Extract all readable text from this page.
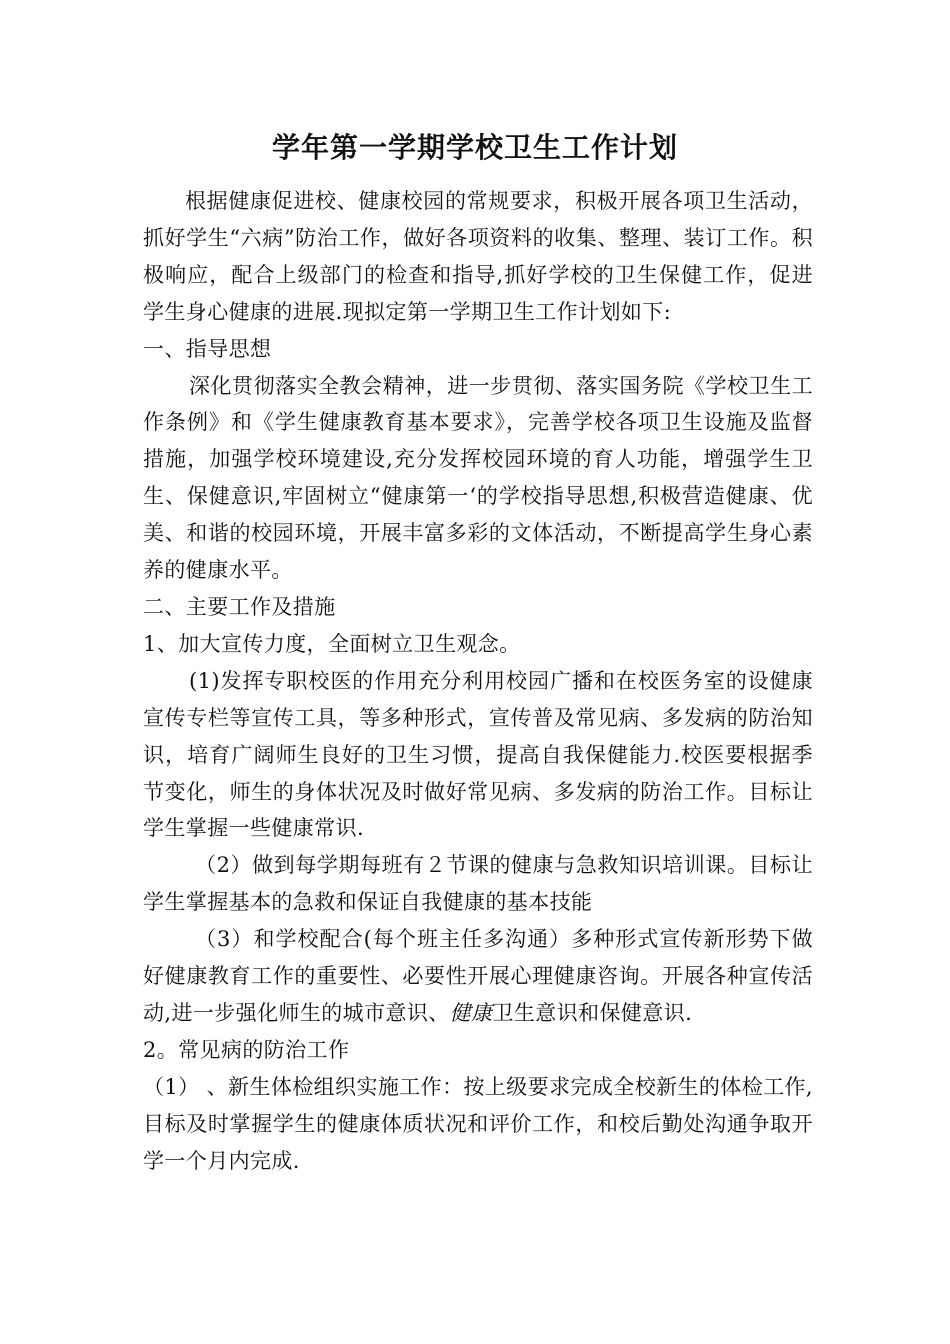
学年第一学期学校卫生工作计划

根据健康促进校、健康校园的常规要求，积极开展各项卫生活动，抓好学生“六病”防治工作，做好各项资料的收集、整理、装订工作。积极响应，配合上级部门的检查和指导,抓好学校的卫生保健工作，促进学生身心健康的进展.现拟定第一学期卫生工作计划如下:

一、指导思想

深化贯彻落实全教会精神，进一步贯彻、落实国务院《学校卫生工作条例》和《学生健康教育基本要求》，完善学校各项卫生设施及监督措施，加强学校环境建设,充分发挥校园环境的育人功能，增强学生卫生、保健意识,牢固树立“健康第一‘的学校指导思想,积极营造健康、优美、和谐的校园环境，开展丰富多彩的文体活动，不断提高学生身心素养的健康水平。

二、主要工作及措施

1、加大宣传力度，全面树立卫生观念。

(1)发挥专职校医的作用充分利用校园广播和在校医务室的设健康宣传专栏等宣传工具，等多种形式，宣传普及常见病、多发病的防治知识，培育广阔师生良好的卫生习惯，提高自我保健能力.校医要根据季节变化，师生的身体状况及时做好常见病、多发病的防治工作。目标让学生掌握一些健康常识.

（2）做到每学期每班有２节课的健康与急救知识培训课。目标让学生掌握基本的急救和保证自我健康的基本技能

（3）和学校配合(每个班主任多沟通）多种形式宣传新形势下做好健康教育工作的重要性、必要性开展心理健康咨询。开展各种宣传活动,进一步强化师生的城市意识、健康卫生意识和保健意识.

2。常见病的防治工作

（1） 、新生体检组织实施工作：按上级要求完成全校新生的体检工作,目标及时掌握学生的健康体质状况和评价工作，和校后勤处沟通争取开学一个月内完成.
